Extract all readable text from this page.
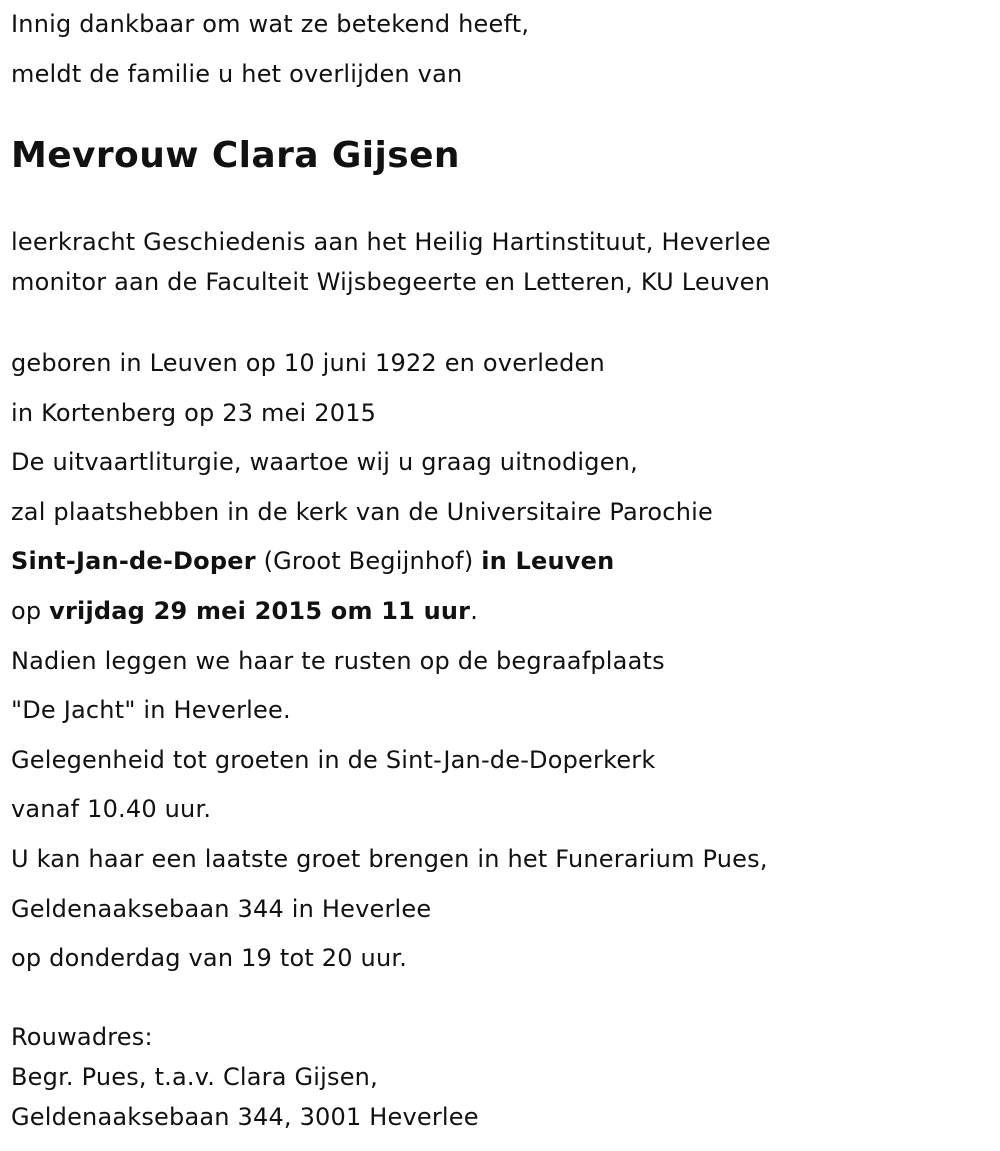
Innig dankbaar om wat ze betekend heeft,
meldt de familie u het overlijden van
Mevrouw Clara Gijsen
leerkracht Geschiedenis aan het Heilig Hartinstituut, Heverlee
monitor aan de Faculteit Wijsbegeerte en Letteren, KU Leuven
geboren in Leuven op 10 juni 1922 en overleden
in Kortenberg op 23 mei 2015
De uitvaartliturgie, waartoe wij u graag uitnodigen,
zal plaatshebben in de kerk van de Universitaire Parochie
Sint-Jan-de-Doper (Groot Begijnhof) in Leuven
op vrijdag 29 mei 2015 om 11 uur.
Nadien leggen we haar te rusten op de begraafplaats
"De Jacht" in Heverlee.
Gelegenheid tot groeten in de Sint-Jan-de-Doperkerk
vanaf 10.40 uur.
U kan haar een laatste groet brengen in het Funerarium Pues,
Geldenaaksebaan 344 in Heverlee
op donderdag van 19 tot 20 uur.
Rouwadres:
Begr. Pues, t.a.v. Clara Gijsen,
Geldenaaksebaan 344, 3001 Heverlee
